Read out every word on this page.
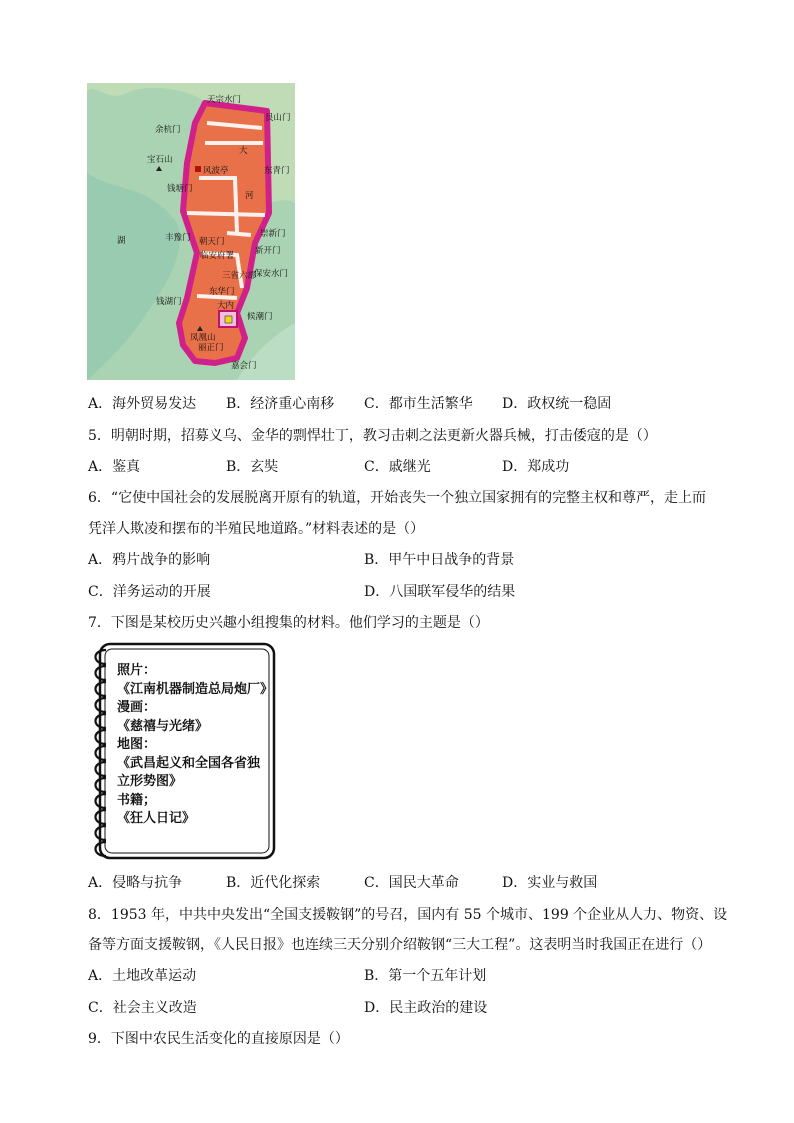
天宗水门
艮山门
余杭门
宝石山
风波亭	东青门
钱塘门
大
河
湖	丰豫门 朝天门
崇新门
临安府署 新开门
三省六部
保安水门
东华门
钱湖门	大内
候潮门
凤凰山
丽正门
嘉会门
A．海外贸易发达 B．经济重心南移 C．都市生活繁华 D．政权统一稳固
5．明朝时期，招募义乌、金华的剽悍壮丁，教习击刺之法更新火器兵械，打击倭寇的是（）
A．鉴真	B．玄奘	C．戚继光	D．郑成功
6．“它使中国社会的发展脱离开原有的轨道，开始丧失一个独立国家拥有的完整主权和尊严，走上而
凭洋人欺凌和摆布的半殖民地道路。”材料表述的是（）
A．鸦片战争的影响	B．甲午中日战争的背景
C．洋务运动的开展	D．八国联军侵华的结果
7．下图是某校历史兴趣小组搜集的材料。他们学习的主题是（）
照片：
《江南机器制造总局炮厂》
漫画：
《慈禧与光绪》
地图：
《武昌起义和全国各省独
立形势图》
书籍；
《狂人日记》
A．侵略与抗争	B．近代化探索	C．国民大革命	D．实业与救国
8．1953 年，中共中央发出“全国支援鞍钢”的号召，国内有 55 个城市、199 个企业从人力、物资、设
备等方面支援鞍钢，《人民日报》也连续三天分别介绍鞍钢“三大工程”。这表明当时我国正在进行（）
A．土地改革运动	B．第一个五年计划
C．社会主义改造	D．民主政治的建设
9．下图中农民生活变化的直接原因是（）
